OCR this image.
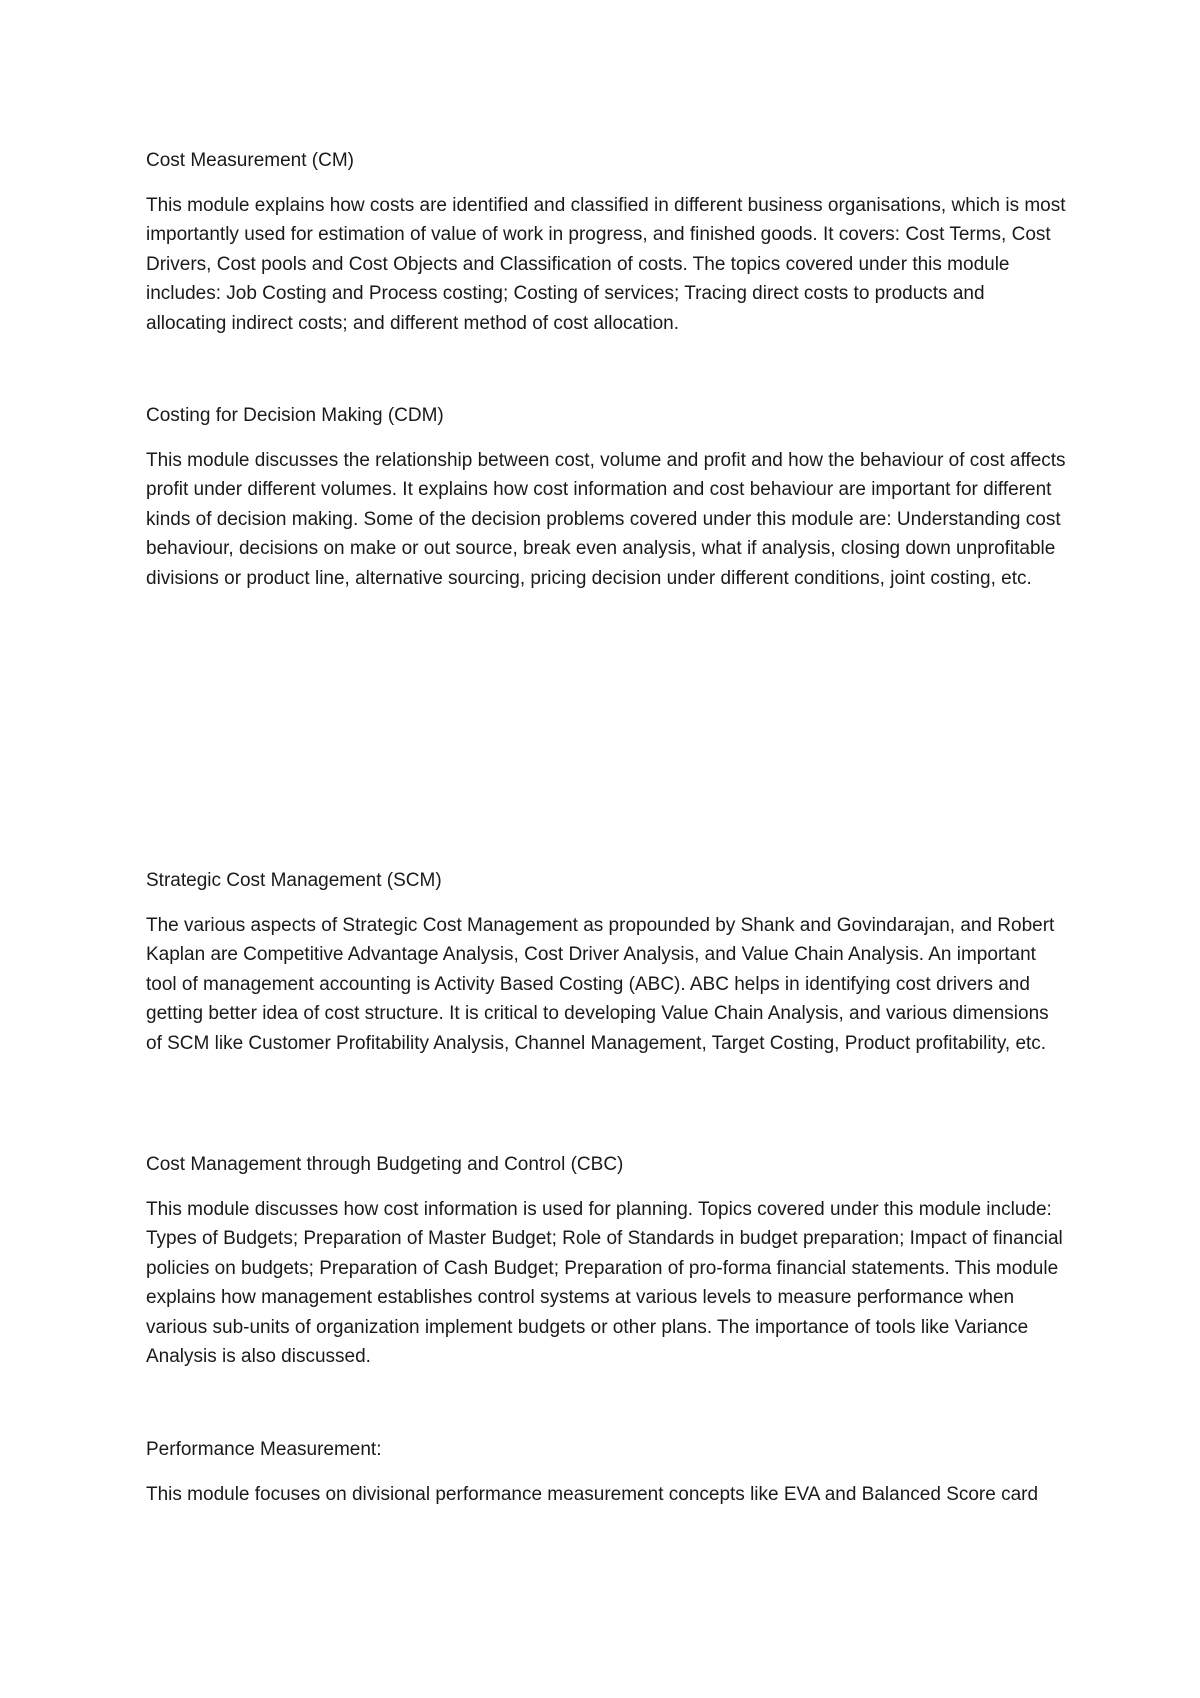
Cost Measurement (CM)

This module explains how costs are identified and classified in different business organisations, which is most importantly used for estimation of value of work in progress, and finished goods. It covers: Cost Terms, Cost Drivers, Cost pools and Cost Objects and Classification of costs. The topics covered under this module includes: Job Costing and Process costing; Costing of services; Tracing direct costs to products and allocating indirect costs; and different method of cost allocation.

Costing for Decision Making (CDM)

This module discusses the relationship between cost, volume and profit and how the behaviour of cost affects profit under different volumes. It explains how cost information and cost behaviour are important for different kinds of decision making. Some of the decision problems covered under this module are: Understanding cost behaviour, decisions on make or out source, break even analysis, what if analysis, closing down unprofitable divisions or product line, alternative sourcing, pricing decision under different conditions, joint costing, etc.

Strategic Cost Management (SCM)

The various aspects of Strategic Cost Management as propounded by Shank and Govindarajan, and Robert Kaplan are Competitive Advantage Analysis, Cost Driver Analysis, and Value Chain Analysis. An important tool of management accounting is Activity Based Costing (ABC). ABC helps in identifying cost drivers and getting better idea of cost structure. It is critical to developing Value Chain Analysis, and various dimensions of SCM like Customer Profitability Analysis, Channel Management, Target Costing, Product profitability, etc.

Cost Management through Budgeting and Control (CBC)

This module discusses how cost information is used for planning. Topics covered under this module include: Types of Budgets; Preparation of Master Budget; Role of Standards in budget preparation; Impact of financial policies on budgets; Preparation of Cash Budget; Preparation of pro-forma financial statements. This module explains how management establishes control systems at various levels to measure performance when various sub-units of organization implement budgets or other plans. The importance of tools like Variance Analysis is also discussed.

Performance Measurement:

This module focuses on divisional performance measurement concepts like EVA and Balanced Score card
